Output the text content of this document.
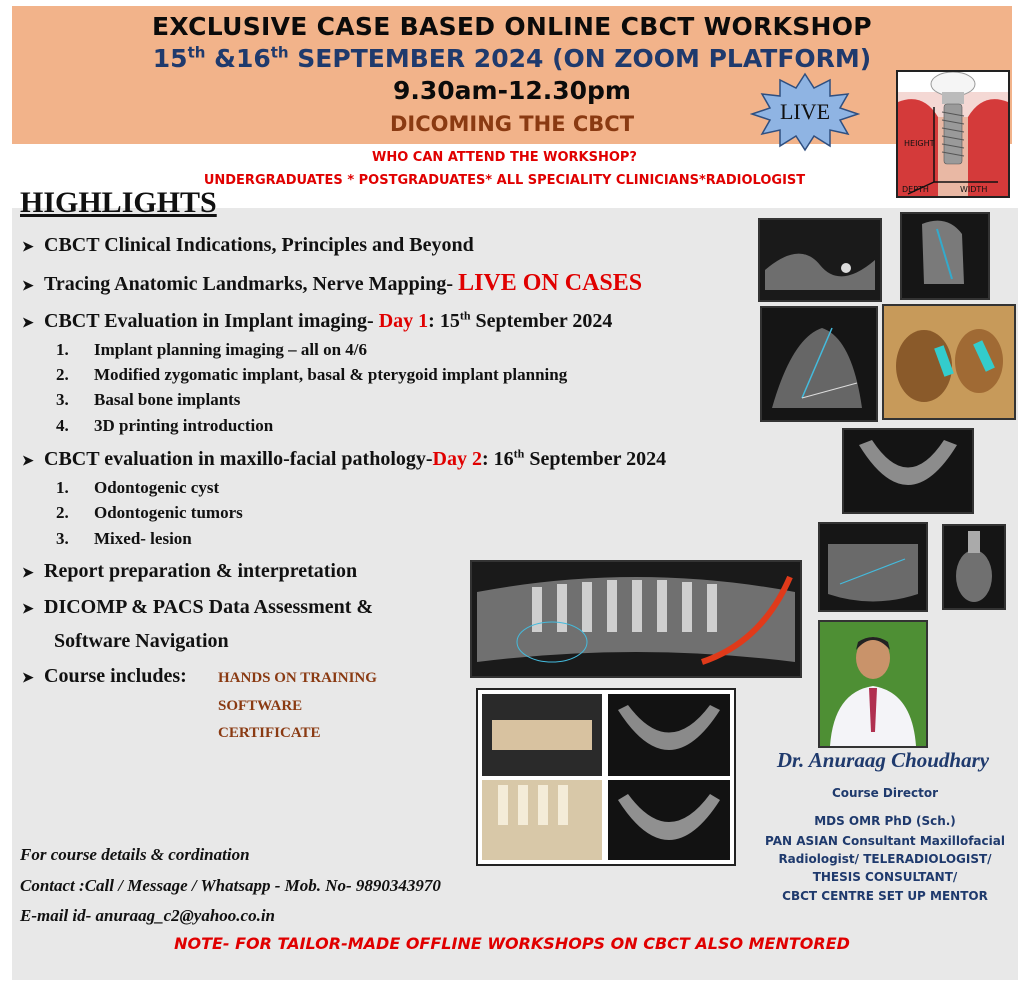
EXCLUSIVE CASE BASED ONLINE CBCT WORKSHOP
15th &16th SEPTEMBER 2024 (ON ZOOM PLATFORM)
9.30am-12.30pm
DICOMING THE CBCT	LIVE
HEIGHT
WIDTH
DEPTH
WHO CAN ATTEND THE WORKSHOP?
UNDERGRADUATES * POSTGRADUATES* ALL SPECIALITY CLINICIANS*RADIOLOGIST
HIGHLIGHTS
➤ CBCT Clinical Indications, Principles and Beyond
➤ Tracing Anatomic Landmarks, Nerve Mapping- LIVE ON CASES
➤ CBCT Evaluation in Implant imaging- Day 1: 15th September 2024
1. Implant planning imaging – all on 4/6
2. Modified zygomatic implant, basal & pterygoid implant planning
3. Basal bone implants
4. 3D printing introduction
➤ CBCT evaluation in maxillo-facial pathology-Day 2: 16th September 2024
1. Odontogenic cyst
2. Odontogenic tumors
3. Mixed- lesion
➤ Report preparation & interpretation
➤ DICOMP & PACS Data Assessment &
Software Navigation
➤ Course includes: HANDS ON TRAINING
SOFTWARE
CERTIFICATE
Dr. Anuraag Choudhary
Course Director
MDS OMR PhD (Sch.)
PAN ASIAN Consultant Maxillofacial
Radiologist/ TELERADIOLOGIST/
THESIS CONSULTANT/
CBCT CENTRE SET UP MENTOR
For course details & cordination
Contact :Call / Message / Whatsapp - Mob. No- 9890343970
E-mail id- anuraag_c2@yahoo.co.in
NOTE- FOR TAILOR-MADE OFFLINE WORKSHOPS ON CBCT ALSO MENTORED
